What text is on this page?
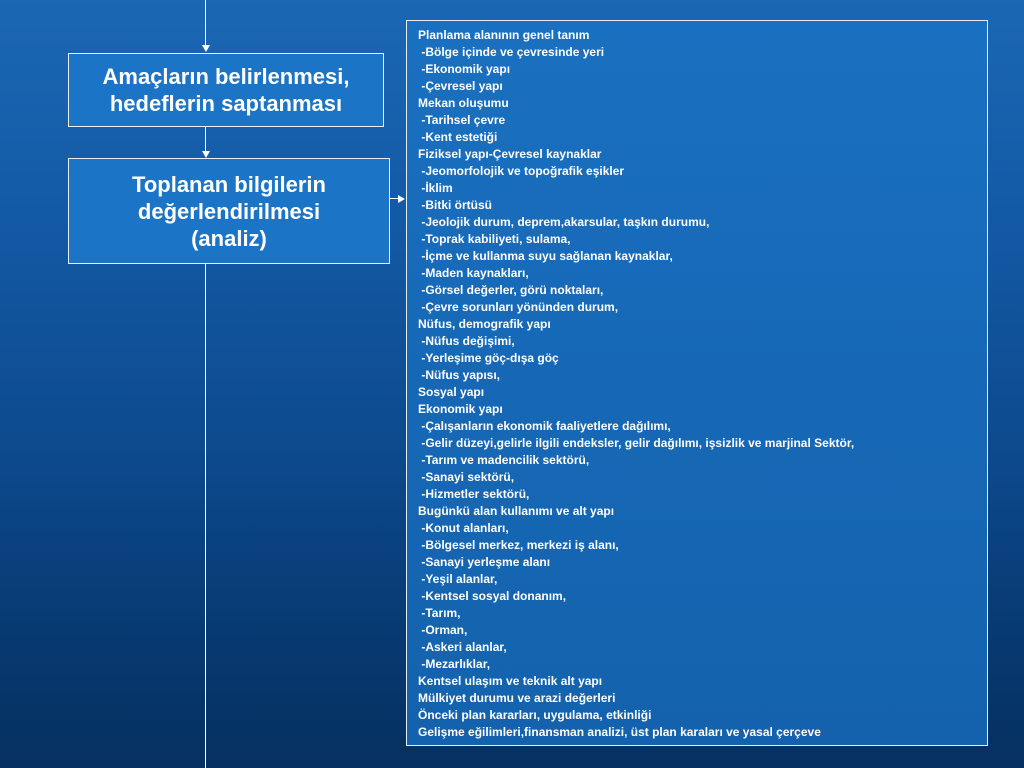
Amaçların belirlenmesi,
hedeflerin saptanması
Toplanan bilgilerin
değerlendirilmesi
(analiz)
Planlama alanının genel tanım
-Bölge içinde ve çevresinde yeri
-Ekonomik yapı
-Çevresel yapı
Mekan oluşumu
-Tarihsel çevre
-Kent estetiği
Fiziksel yapı-Çevresel kaynaklar
-Jeomorfolojik ve topoğrafik eşikler
-İklim
-Bitki örtüsü
-Jeolojik durum, deprem,akarsular, taşkın durumu,
-Toprak kabiliyeti, sulama,
-İçme ve kullanma suyu sağlanan kaynaklar,
-Maden kaynakları,
-Görsel değerler, görü noktaları,
-Çevre sorunları yönünden durum,
Nüfus, demografik yapı
-Nüfus değişimi,
-Yerleşime göç-dışa göç
-Nüfus yapısı,
Sosyal yapı
Ekonomik yapı
-Çalışanların ekonomik faaliyetlere dağılımı,
-Gelir düzeyi,gelirle ilgili endeksler, gelir dağılımı, işsizlik ve marjinal Sektör,
-Tarım ve madencilik sektörü,
-Sanayi sektörü,
-Hizmetler sektörü,
Bugünkü alan kullanımı ve alt yapı
-Konut alanları,
-Bölgesel merkez, merkezi iş alanı,
-Sanayi yerleşme alanı
-Yeşil alanlar,
-Kentsel sosyal donanım,
-Tarım,
-Orman,
-Askeri alanlar,
-Mezarlıklar,
Kentsel ulaşım ve teknik alt yapı
Mülkiyet durumu ve arazi değerleri
Önceki plan kararları, uygulama, etkinliği
Gelişme eğilimleri,finansman analizi, üst plan karaları ve yasal çerçeve
